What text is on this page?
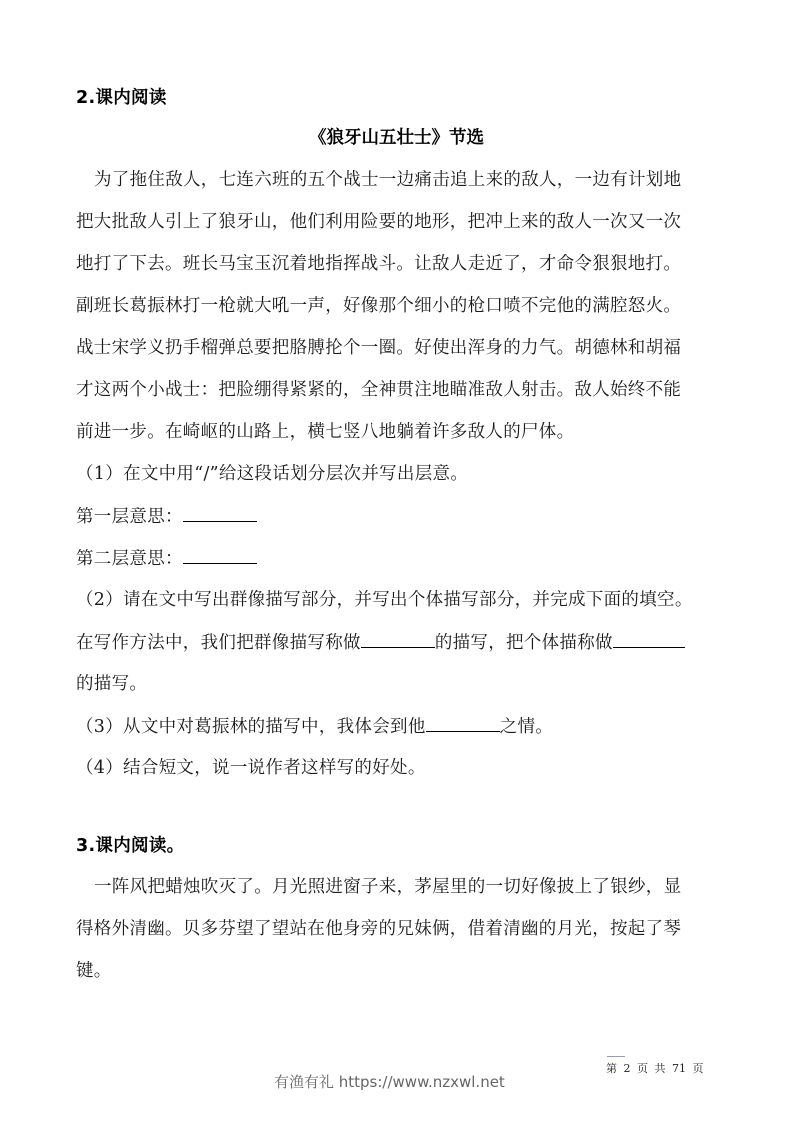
2.课内阅读
《狼牙山五壮士》节选
为了拖住敌人，七连六班的五个战士一边痛击追上来的敌人，一边有计划地
把大批敌人引上了狼牙山，他们利用险要的地形，把冲上来的敌人一次又一次
地打了下去。班长马宝玉沉着地指挥战斗。让敌人走近了，才命令狠狠地打。
副班长葛振林打一枪就大吼一声，好像那个细小的枪口喷不完他的满腔怒火。
战士宋学义扔手榴弹总要把胳膊抡个一圈。好使出浑身的力气。胡德林和胡福
才这两个小战士：把脸绷得紧紧的，全神贯注地瞄准敌人射击。敌人始终不能
前进一步。在崎岖的山路上，横七竖八地躺着许多敌人的尸体。
（1）在文中用“/”给这段话划分层次并写出层意。
第一层意思：
第二层意思：
（2）请在文中写出群像描写部分，并写出个体描写部分，并完成下面的填空。
在写作方法中，我们把群像描写称做	的描写，把个体描称做
的描写。
（3）从文中对葛振林的描写中，我体会到他	之情。
（4）结合短文，说一说作者这样写的好处。
3.课内阅读。
一阵风把蜡烛吹灭了。月光照进窗子来，茅屋里的一切好像披上了银纱，显
得格外清幽。贝多芬望了望站在他身旁的兄妹俩，借着清幽的月光，按起了琴
键。
第 2 页 共 71 页
有渔有礼 https://www.nzxwl.net
